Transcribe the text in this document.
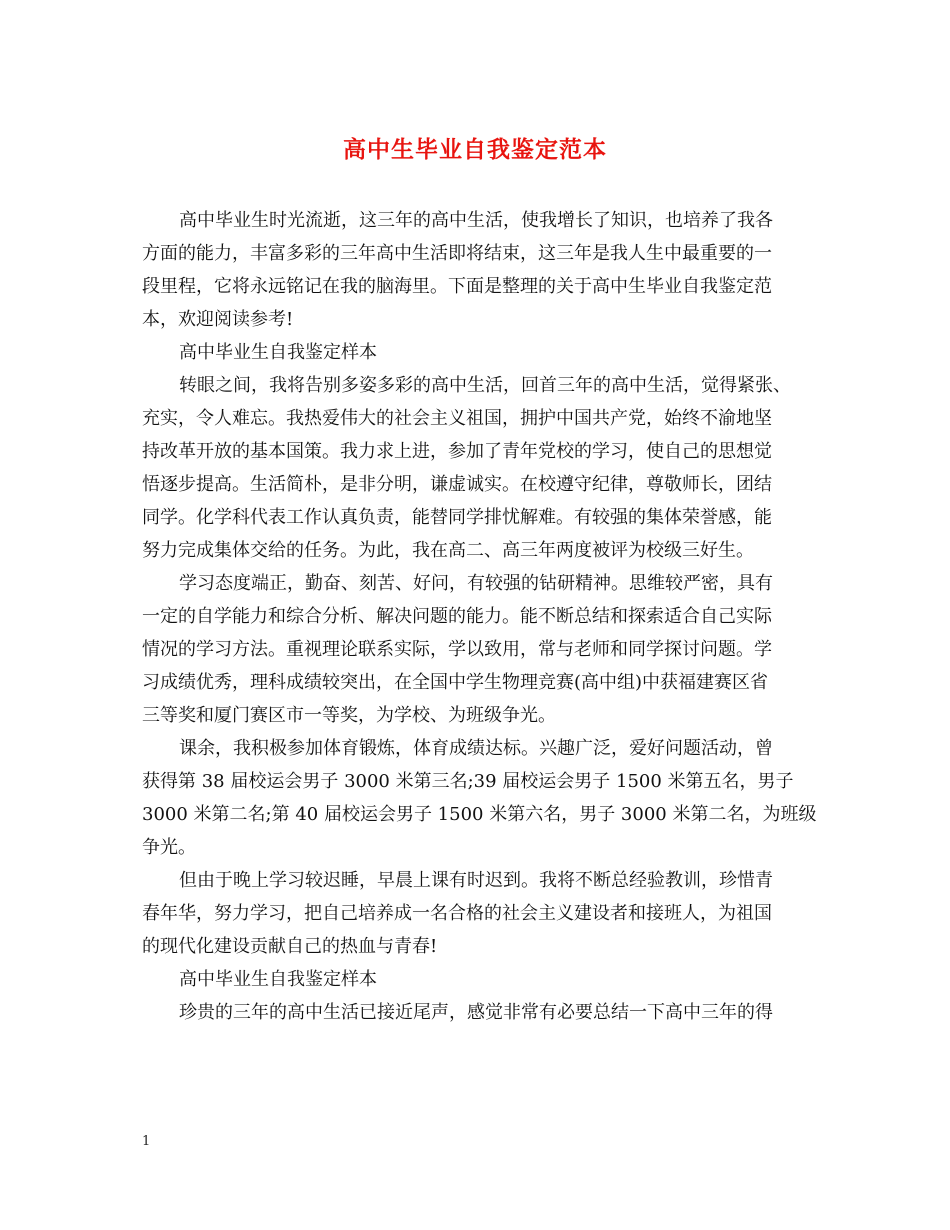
高中生毕业自我鉴定范本
高中毕业生时光流逝，这三年的高中生活，使我增长了知识，也培养了我各
方面的能力，丰富多彩的三年高中生活即将结束，这三年是我人生中最重要的一
段里程，它将永远铭记在我的脑海里。下面是整理的关于高中生毕业自我鉴定范
本，欢迎阅读参考!
高中毕业生自我鉴定样本
转眼之间，我将告别多姿多彩的高中生活，回首三年的高中生活，觉得紧张、
充实，令人难忘。我热爱伟大的社会主义祖国，拥护中国共产党，始终不渝地坚
持改革开放的基本国策。我力求上进，参加了青年党校的学习，使自己的思想觉
悟逐步提高。生活简朴，是非分明，谦虚诚实。在校遵守纪律，尊敬师长，团结
同学。化学科代表工作认真负责，能替同学排忧解难。有较强的集体荣誉感，能
努力完成集体交给的任务。为此，我在高二、高三年两度被评为校级三好生。
学习态度端正，勤奋、刻苦、好问，有较强的钻研精神。思维较严密，具有
一定的自学能力和综合分析、解决问题的能力。能不断总结和探索适合自己实际
情况的学习方法。重视理论联系实际，学以致用，常与老师和同学探讨问题。学
习成绩优秀，理科成绩较突出，在全国中学生物理竞赛(高中组)中获福建赛区省
三等奖和厦门赛区市一等奖，为学校、为班级争光。
课余，我积极参加体育锻炼，体育成绩达标。兴趣广泛，爱好问题活动，曾
获得第 38 届校运会男子 3000 米第三名;39 届校运会男子 1500 米第五名，男子
3000 米第二名;第 40 届校运会男子 1500 米第六名，男子 3000 米第二名，为班级
争光。
但由于晚上学习较迟睡，早晨上课有时迟到。我将不断总经验教训，珍惜青
春年华，努力学习，把自己培养成一名合格的社会主义建设者和接班人，为祖国
的现代化建设贡献自己的热血与青春!
高中毕业生自我鉴定样本
珍贵的三年的高中生活已接近尾声，感觉非常有必要总结一下高中三年的得
1
